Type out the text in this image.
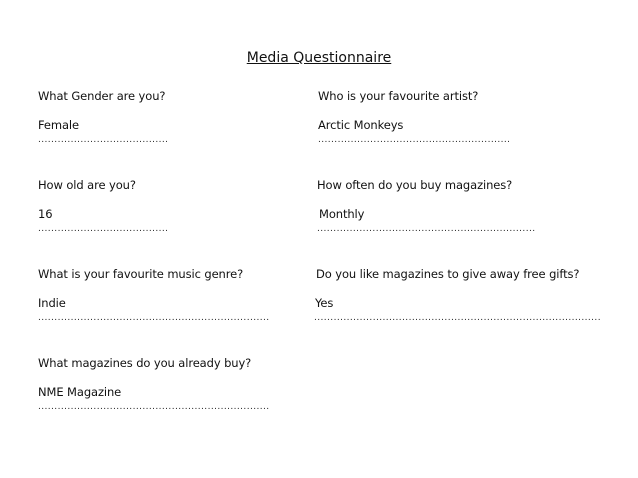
Media Questionnaire
What Gender are you?
Female
........................................
How old are you?
16
........................................
What is your favourite music genre?
Indie
.......................................................................
What magazines do you already buy?
NME Magazine
.......................................................................
Who is your favourite artist?
Arctic Monkeys
...........................................................
How often do you buy magazines?
Monthly
...................................................................
Do you like magazines to give away free gifts?
Yes
........................................................................................
